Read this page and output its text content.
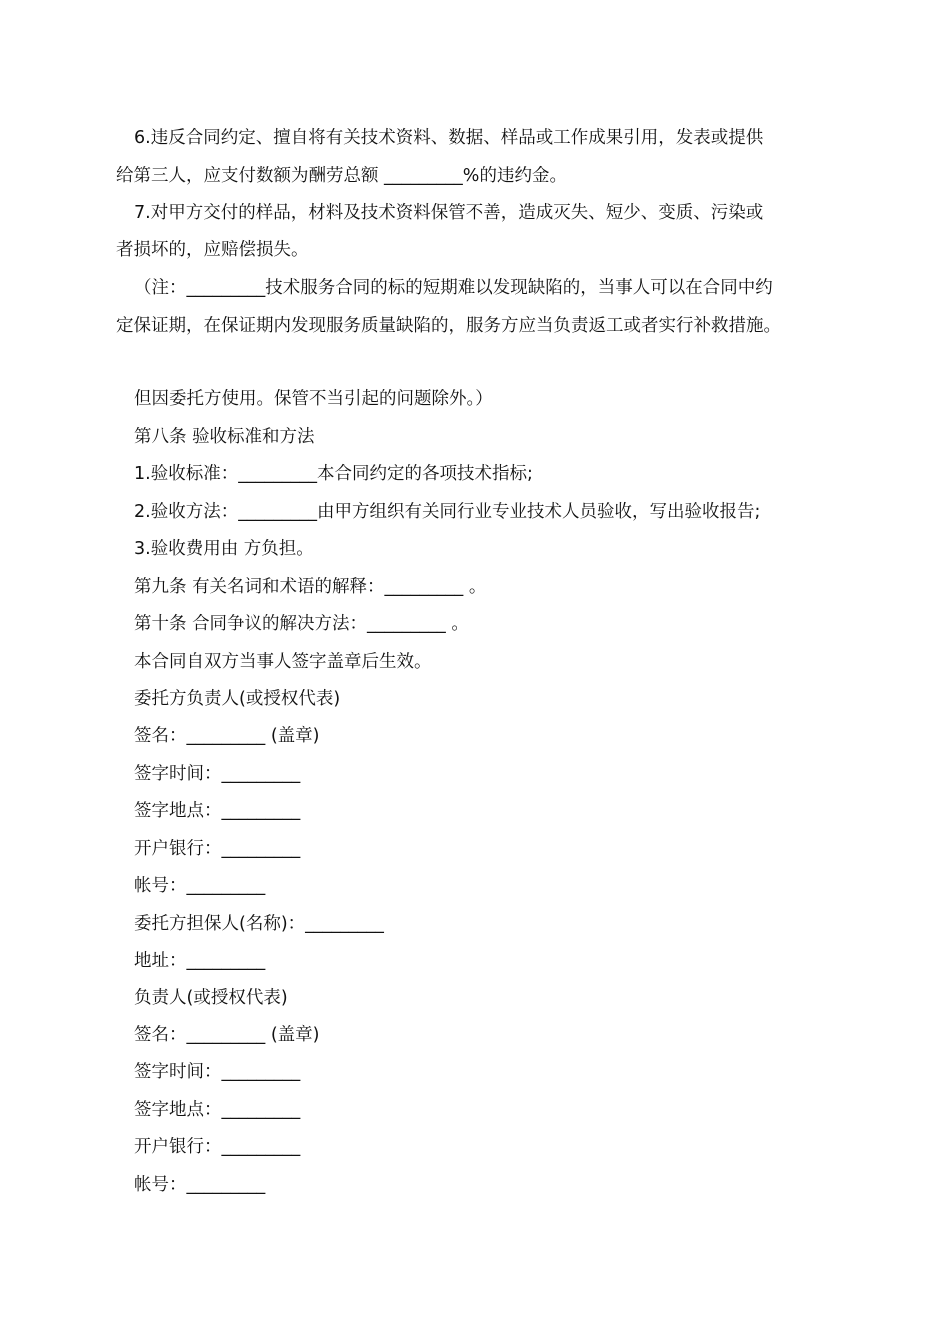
6.违反合同约定、擅自将有关技术资料、数据、样品或工作成果引用，发表或提供
给第三人，应支付数额为酬劳总额 _________%的违约金。
7.对甲方交付的样品，材料及技术资料保管不善，造成灭失、短少、变质、污染或
者损坏的，应赔偿损失。
（注：_________技术服务合同的标的短期难以发现缺陷的，当事人可以在合同中约
定保证期，在保证期内发现服务质量缺陷的，服务方应当负责返工或者实行补救措施。
但因委托方使用。保管不当引起的问题除外。）
第八条 验收标准和方法
1.验收标准：_________本合同约定的各项技术指标;
2.验收方法：_________由甲方组织有关同行业专业技术人员验收，写出验收报告;
3.验收费用由 方负担。
第九条 有关名词和术语的解释：_________ 。
第十条 合同争议的解决方法：_________ 。
本合同自双方当事人签字盖章后生效。
委托方负责人(或授权代表)
签名：_________ (盖章)
签字时间：_________
签字地点：_________
开户银行：_________
帐号：_________
委托方担保人(名称)：_________
地址：_________
负责人(或授权代表)
签名：_________ (盖章)
签字时间：_________
签字地点：_________
开户银行：_________
帐号：_________
